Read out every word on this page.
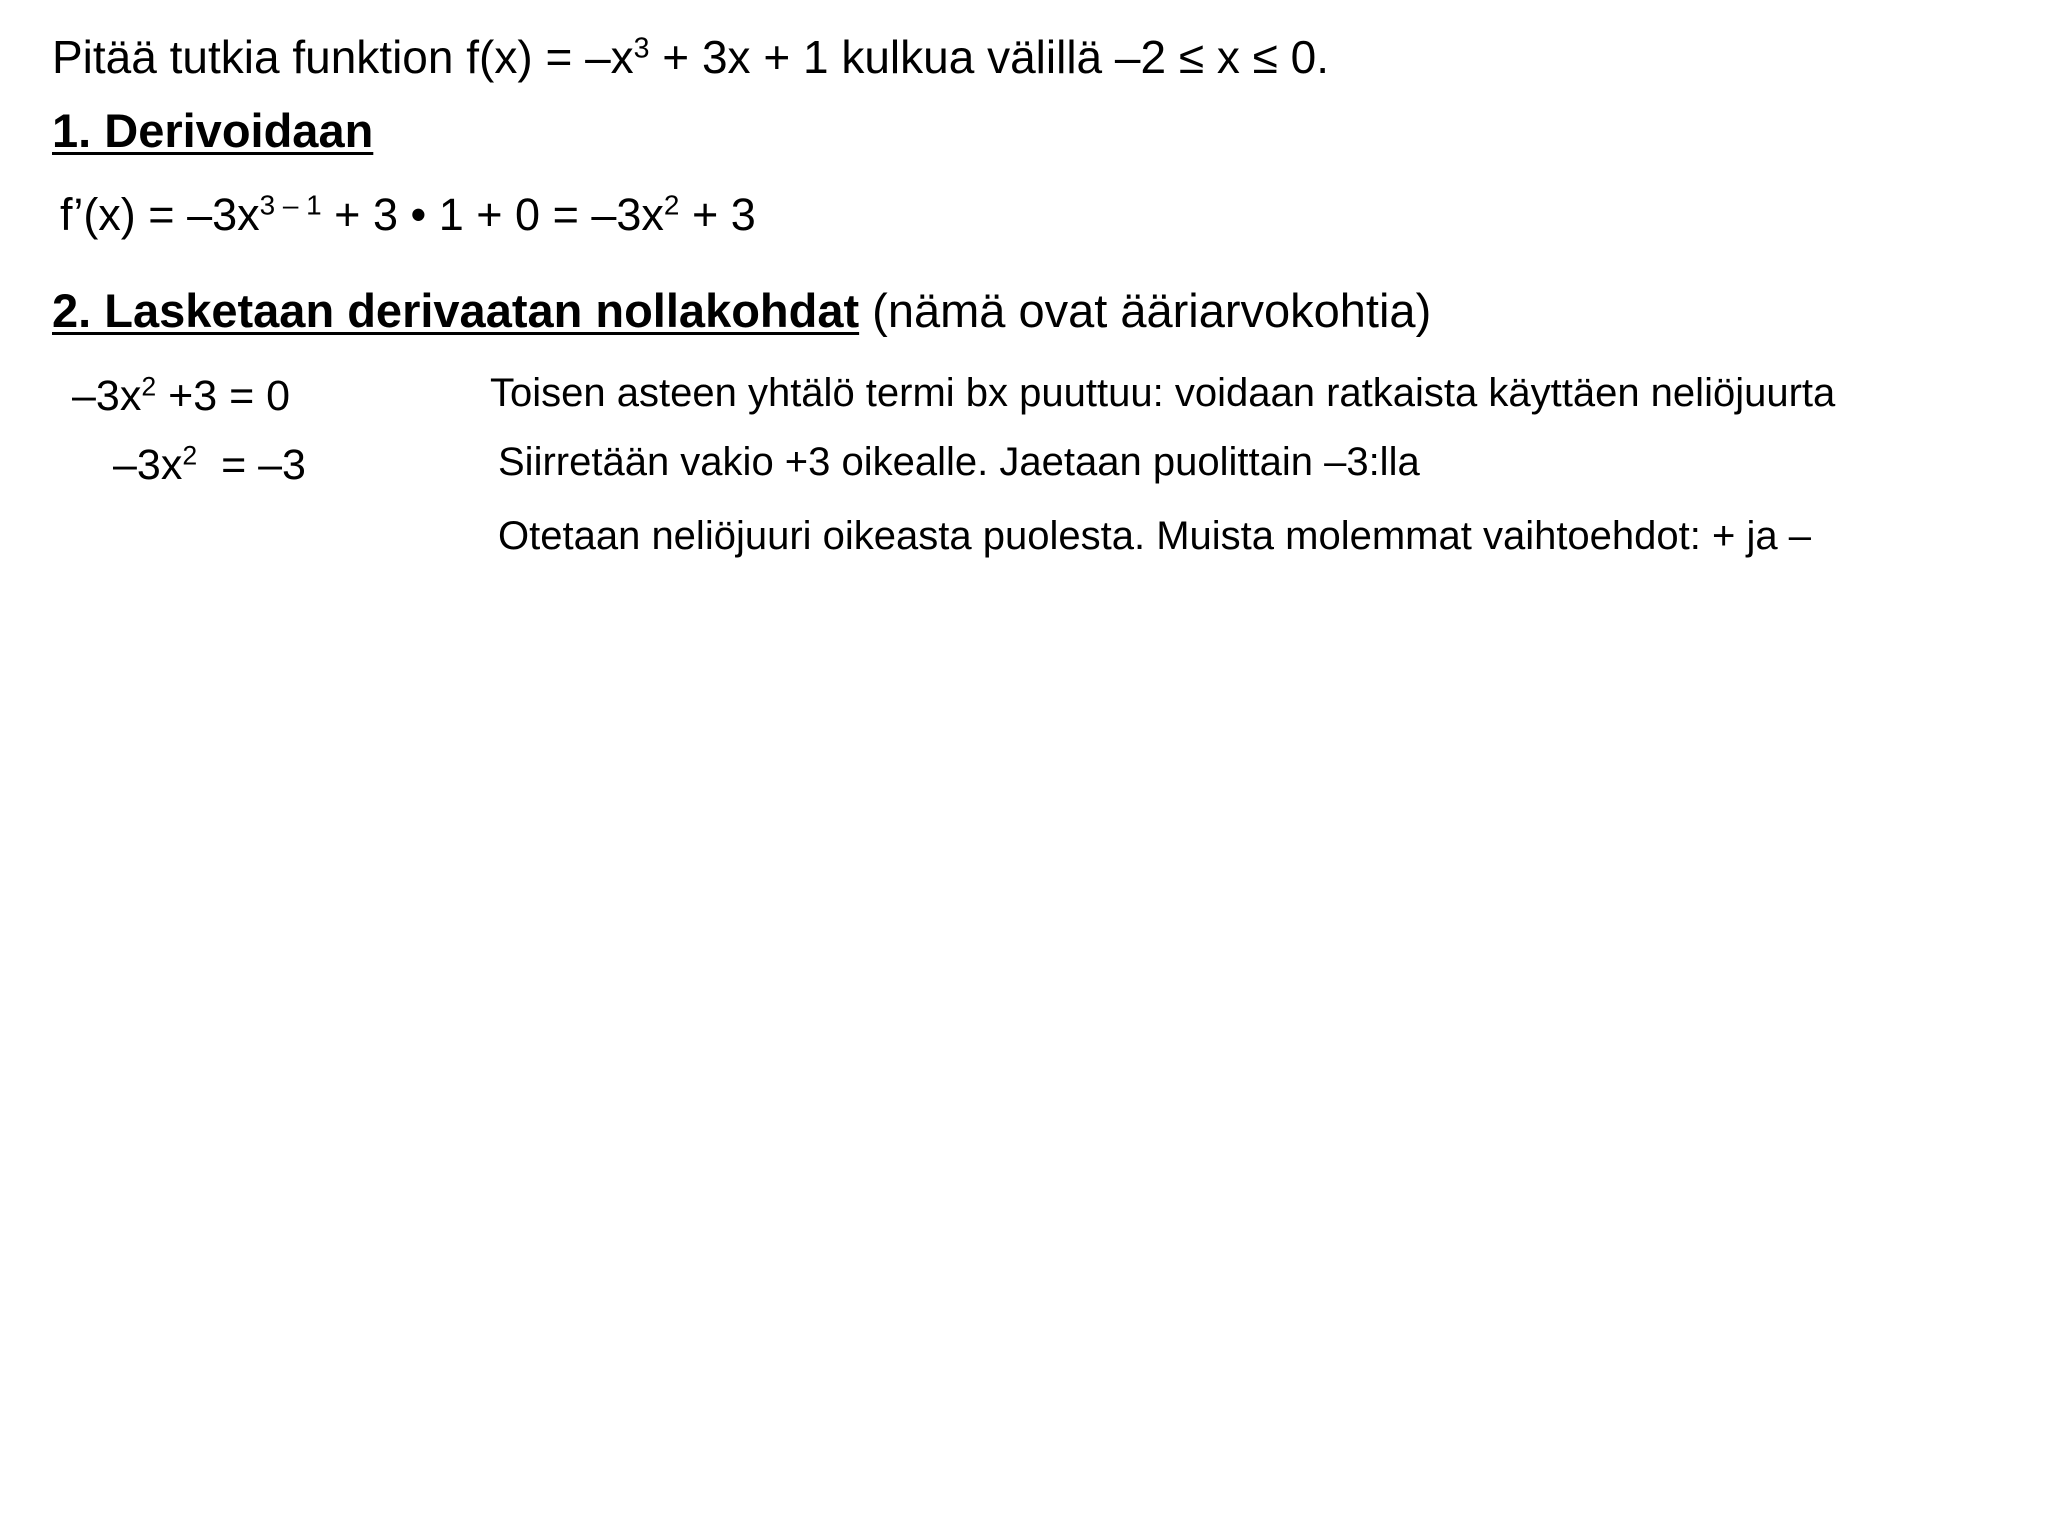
Pitää tutkia funktion $f(x) = -x^3 + 3x + 1$ kulkua välillä –2 ≤ x ≤ 0.
1. Derivoidaan
f’(x) = $-3x^{3 - 1} + 3$ • $1 + 0 = -3x^2 + 3$
2. Lasketaan derivaatan nollakohdat (nämä ovat ääriarvokohtia)
$-3x^2 +3 = 0$	Toisen asteen yhtälö termi bx puuttuu: voidaan ratkaista käyttäen neliöjuurta
$-3x^2 = -3$	Siirretään vakio +3 oikealle. Jaetaan puolittain –3:lla
Otetaan neliöjuuri oikeasta puolesta. Muista molemmat vaihtoehdot: + ja –
